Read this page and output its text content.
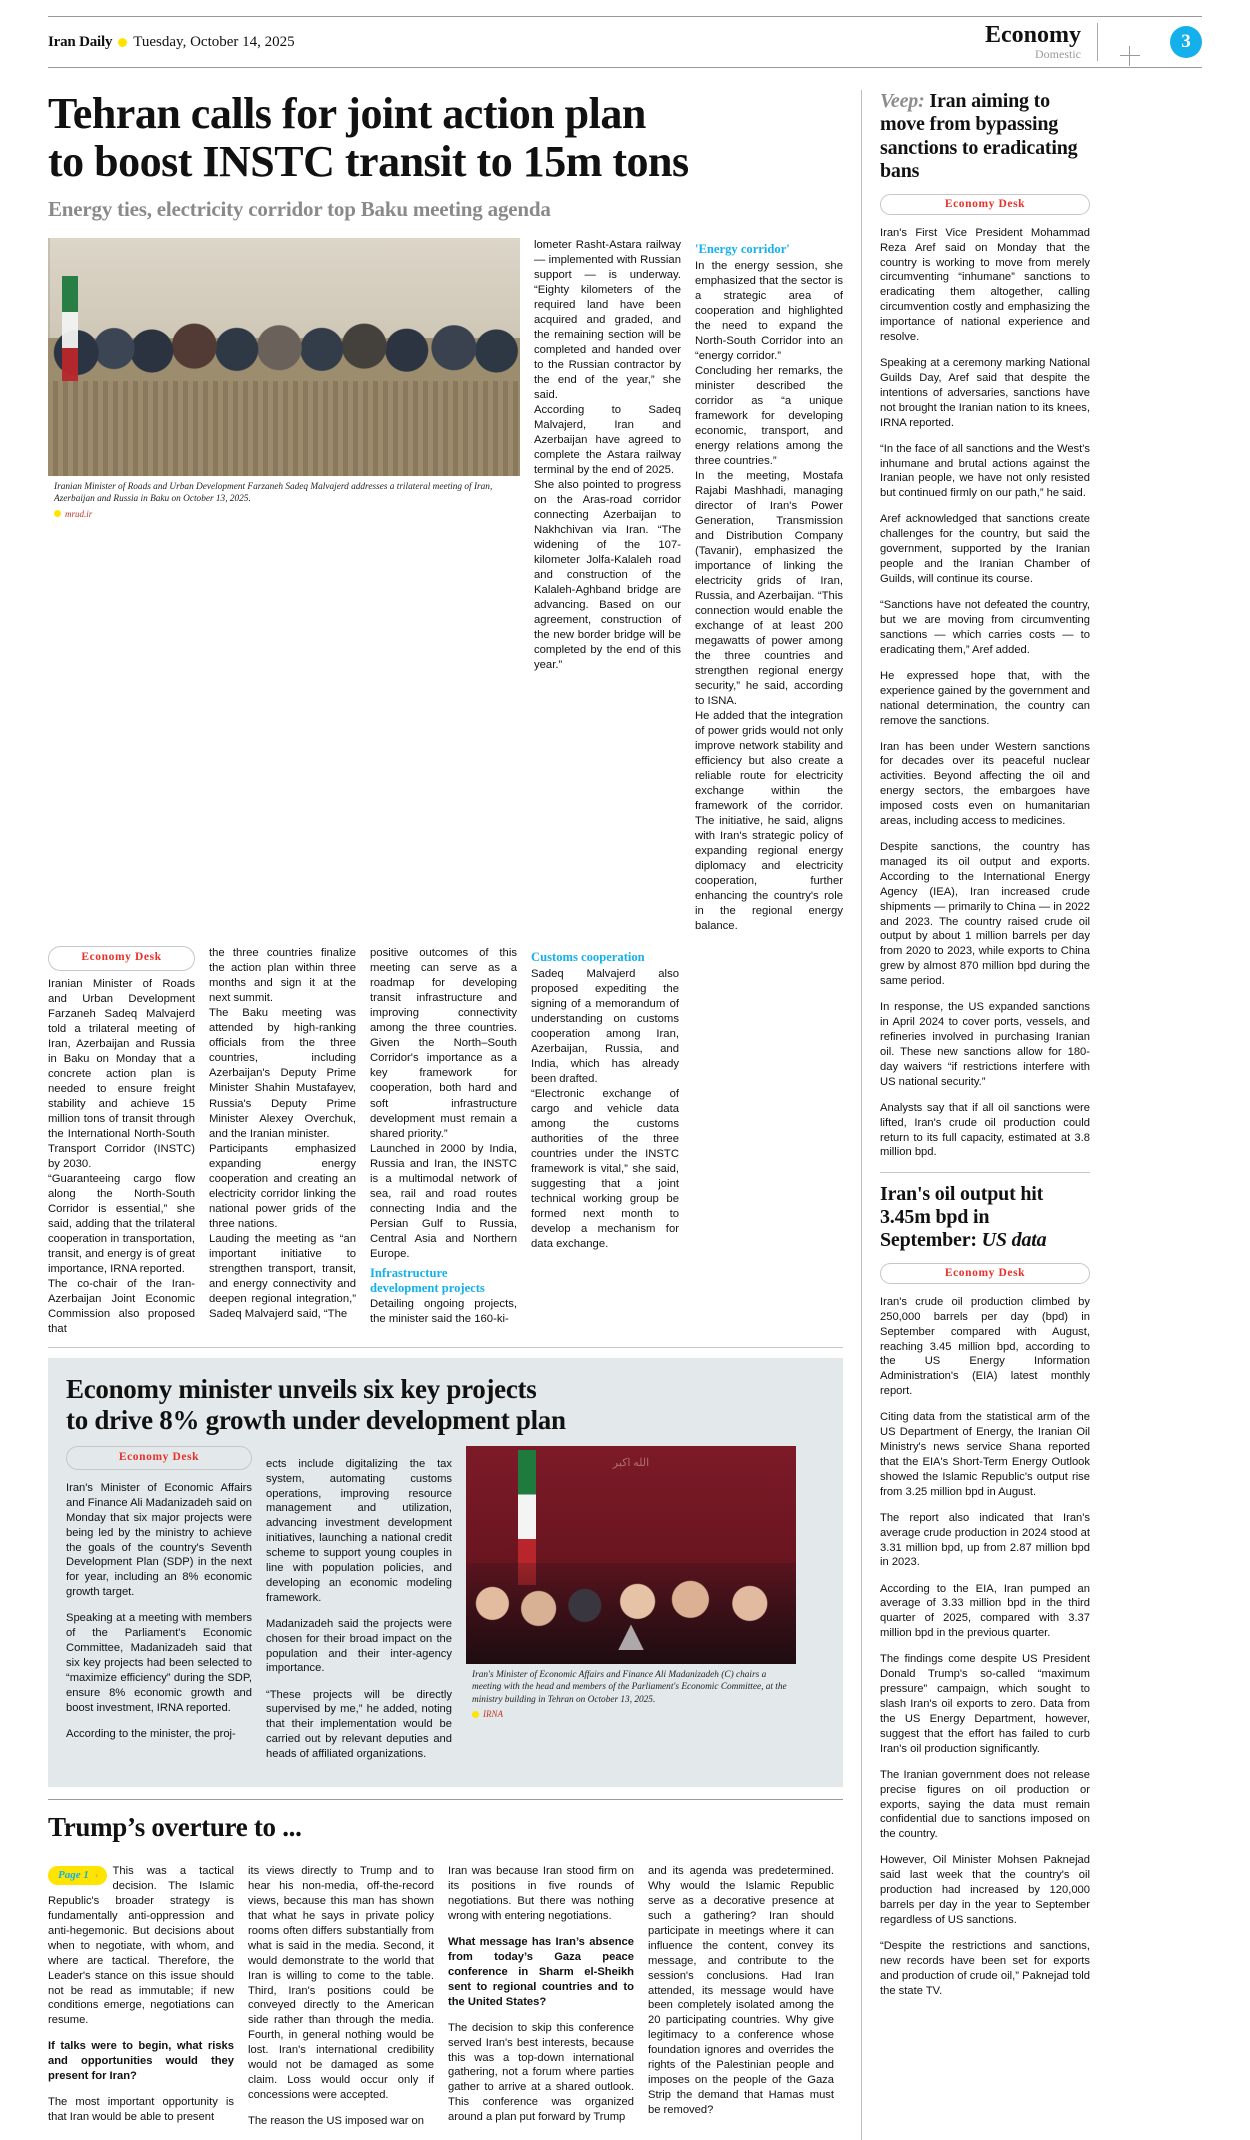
Iran Daily Tuesday, October 14, 2025	Economy
Domestic
3
Tehran calls for joint action plan
to boost INSTC transit to 15m tons
Energy ties, electricity corridor top Baku meeting agenda
Iranian Minister of Roads and Urban Development Farzaneh Sadeq Malvajerd addresses a trilateral meeting of Iran, Azerbaijan and Russia in Baku on October 13, 2025.
mrud.ir

lometer Rasht-Astara railway — implemented with Russian support — is underway. “Eighty kilometers of the required land have been acquired and graded, and the remaining section will be completed and handed over to the Russian contractor by the end of the year,” she said.

According to Sadeq Malvajerd, Iran and Azerbaijan have agreed to complete the Astara railway terminal by the end of 2025.

She also pointed to progress on the Aras-road corridor connecting Azerbaijan to Nakhchivan via Iran. “The widening of the 107-kilometer Jolfa-Kalaleh road and construction of the Kalaleh-Aghband bridge are advancing. Based on our agreement, construction of the new border bridge will be completed by the end of this year.”

'Energy corridor'

In the energy session, she emphasized that the sector is a strategic area of cooperation and highlighted the need to expand the North-South Corridor into an “energy corridor.”

Concluding her remarks, the minister described the corridor as “a unique framework for developing economic, transport, and energy relations among the three countries.”

In the meeting, Mostafa Rajabi Mashhadi, managing director of Iran's Power Generation, Transmission and Distribution Company (Tavanir), emphasized the importance of linking the electricity grids of Iran, Russia, and Azerbaijan. “This connection would enable the exchange of at least 200 megawatts of power among the three countries and strengthen regional energy security,” he said, according to ISNA.

He added that the integration of power grids would not only improve network stability and efficiency but also create a reliable route for electricity exchange within the framework of the corridor. The initiative, he said, aligns with Iran's strategic policy of expanding regional energy diplomacy and electricity cooperation, further enhancing the country's role in the regional energy balance.

Economy Desk

Iranian Minister of Roads and Urban Development Farzaneh Sadeq Malvajerd told a trilateral meeting of Iran, Azerbaijan and Russia in Baku on Monday that a concrete action plan is needed to ensure freight stability and achieve 15 million tons of transit through the International North-South Transport Corridor (INSTC) by 2030.

“Guaranteeing cargo flow along the North-South Corridor is essential,” she said, adding that the trilateral cooperation in transportation, transit, and energy is of great importance, IRNA reported.

The co-chair of the Iran-Azerbaijan Joint Economic Commission also proposed that

the three countries finalize the action plan within three months and sign it at the next summit.

The Baku meeting was attended by high-ranking officials from the three countries, including Azerbaijan's Deputy Prime Minister Shahin Mustafayev, Russia's Deputy Prime Minister Alexey Overchuk, and the Iranian minister.

Participants emphasized expanding energy cooperation and creating an electricity corridor linking the national power grids of the three nations.

Lauding the meeting as “an important initiative to strengthen transport, transit, and energy connectivity and deepen regional integration,” Sadeq Malvajerd said, “The

positive outcomes of this meeting can serve as a roadmap for developing transit infrastructure and improving connectivity among the three countries. Given the North–South Corridor's importance as a key framework for cooperation, both hard and soft infrastructure development must remain a shared priority.”

Launched in 2000 by India, Russia and Iran, the INSTC is a multimodal network of sea, rail and road routes connecting India and the Persian Gulf to Russia, Central Asia and Northern Europe.

Infrastructure development projects

Detailing ongoing projects, the minister said the 160-ki-

Customs cooperation

Sadeq Malvajerd also proposed expediting the signing of a memorandum of understanding on customs cooperation among Iran, Azerbaijan, Russia, and India, which has already been drafted.

“Electronic exchange of cargo and vehicle data among the customs authorities of the three countries under the INSTC framework is vital,” she said, suggesting that a joint technical working group be formed next month to develop a mechanism for data exchange.

Economy minister unveils six key projects
to drive 8% growth under development plan
Economy Desk

Iran's Minister of Economic Affairs and Finance Ali Madanizadeh said on Monday that six major projects were being led by the ministry to achieve the goals of the country's Seventh Development Plan (SDP) in the next for year, including an 8% economic growth target.

Speaking at a meeting with members of the Parliament's Economic Committee, Madanizadeh said that six key projects had been selected to “maximize efficiency” during the SDP, ensure 8% economic growth and boost investment, IRNA reported.

According to the minister, the proj-

ects include digitalizing the tax system, automating customs operations, improving resource management and utilization, advancing investment development initiatives, launching a national credit scheme to support young couples in line with population policies, and developing an economic modeling framework.

Madanizadeh said the projects were chosen for their broad impact on the population and their inter-agency importance.

“These projects will be directly supervised by me,” he added, noting that their implementation would be carried out by relevant deputies and heads of affiliated organizations.

الله اکبر
Iran's Minister of Economic Affairs and Finance Ali Madanizadeh (C) chairs a meeting with the head and members of the Parliament's Economic Committee, at the ministry building in Tehran on October 13, 2025.
IRNA
Trump’s overture to ...

Page 1 › This was a tactical decision. The Islamic Republic's broader strategy is fundamentally anti-oppression and anti-hegemonic. But decisions about when to negotiate, with whom, and where are tactical. Therefore, the Leader's stance on this issue should not be read as immutable; if new conditions emerge, negotiations can resume.

If talks were to begin, what risks and opportunities would they present for Iran?

The most important opportunity is that Iran would be able to present

its views directly to Trump and to hear his non-media, off-the-record views, because this man has shown that what he says in private policy rooms often differs substantially from what is said in the media. Second, it would demonstrate to the world that Iran is willing to come to the table. Third, Iran's positions could be conveyed directly to the American side rather than through the media. Fourth, in general nothing would be lost. Iran's international credibility would not be damaged as some claim. Loss would occur only if concessions were accepted.

The reason the US imposed war on

Iran was because Iran stood firm on its positions in five rounds of negotiations. But there was nothing wrong with entering negotiations.

What message has Iran’s absence from today’s Gaza peace conference in Sharm el-Sheikh sent to regional countries and to the United States?

The decision to skip this conference served Iran's best interests, because this was a top-down international gathering, not a forum where parties gather to arrive at a shared outlook. This conference was organized around a plan put forward by Trump

and its agenda was predetermined. Why would the Islamic Republic serve as a decorative presence at such a gathering? Iran should participate in meetings where it can influence the content, convey its message, and contribute to the session's conclusions. Had Iran attended, its message would have been completely isolated among the 20 participating countries. Why give legitimacy to a conference whose foundation ignores and overrides the rights of the Palestinian people and imposes on the people of the Gaza Strip the demand that Hamas must be removed?

Veep: Iran aiming to move from bypassing sanctions to eradicating bans
Economy Desk

Iran's First Vice President Mohammad Reza Aref said on Monday that the country is working to move from merely circumventing “inhumane” sanctions to eradicating them altogether, calling circumvention costly and emphasizing the importance of national experience and resolve.

Speaking at a ceremony marking National Guilds Day, Aref said that despite the intentions of adversaries, sanctions have not brought the Iranian nation to its knees, IRNA reported.

“In the face of all sanctions and the West's inhumane and brutal actions against the Iranian people, we have not only resisted but continued firmly on our path,” he said.

Aref acknowledged that sanctions create challenges for the country, but said the government, supported by the Iranian people and the Iranian Chamber of Guilds, will continue its course.

“Sanctions have not defeated the country, but we are moving from circumventing sanctions — which carries costs — to eradicating them,” Aref added.

He expressed hope that, with the experience gained by the government and national determination, the country can remove the sanctions.

Iran has been under Western sanctions for decades over its peaceful nuclear activities. Beyond affecting the oil and energy sectors, the embargoes have imposed costs even on humanitarian areas, including access to medicines.

Despite sanctions, the country has managed its oil output and exports. According to the International Energy Agency (IEA), Iran increased crude shipments — primarily to China — in 2022 and 2023. The country raised crude oil output by about 1 million barrels per day from 2020 to 2023, while exports to China grew by almost 870 million bpd during the same period.

In response, the US expanded sanctions in April 2024 to cover ports, vessels, and refineries involved in purchasing Iranian oil. These new sanctions allow for 180-day waivers “if restrictions interfere with US national security.”

Analysts say that if all oil sanctions were lifted, Iran's crude oil production could return to its full capacity, estimated at 3.8 million bpd.

Iran's oil output hit 3.45m bpd in September: US data
Economy Desk

Iran's crude oil production climbed by 250,000 barrels per day (bpd) in September compared with August, reaching 3.45 million bpd, according to the US Energy Information Administration's (EIA) latest monthly report.

Citing data from the statistical arm of the US Department of Energy, the Iranian Oil Ministry's news service Shana reported that the EIA's Short-Term Energy Outlook showed the Islamic Republic's output rise from 3.25 million bpd in August.

The report also indicated that Iran's average crude production in 2024 stood at 3.31 million bpd, up from 2.87 million bpd in 2023.

According to the EIA, Iran pumped an average of 3.33 million bpd in the third quarter of 2025, compared with 3.37 million bpd in the previous quarter.

The findings come despite US President Donald Trump's so-called “maximum pressure” campaign, which sought to slash Iran's oil exports to zero. Data from the US Energy Department, however, suggest that the effort has failed to curb Iran's oil production significantly.

The Iranian government does not release precise figures on oil production or exports, saying the data must remain confidential due to sanctions imposed on the country.

However, Oil Minister Mohsen Paknejad said last week that the country's oil production had increased by 120,000 barrels per day in the year to September regardless of US sanctions.

“Despite the restrictions and sanctions, new records have been set for exports and production of crude oil,” Paknejad told the state TV.
